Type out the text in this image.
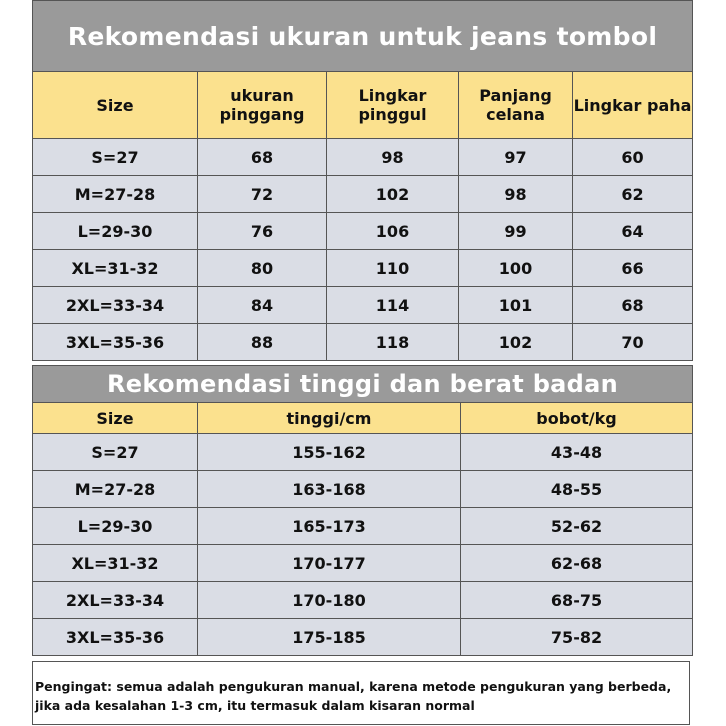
Rekomendasi ukuran untuk jeans tombol				
Size	ukuran pinggang	Lingkar pinggul	Panjang celana	Lingkar paha
S=27	68	98	97	60
M=27-28	72	102	98	62
L=29-30	76	106	99	64
XL=31-32	80	110	100	66
2XL=33-34	84	114	101	68
3XL=35-36	88	118	102	70
Rekomendasi tinggi dan berat badan		
Size	tinggi/cm	bobot/kg
S=27	155-162	43-48
M=27-28	163-168	48-55
L=29-30	165-173	52-62
XL=31-32	170-177	62-68
2XL=33-34	170-180	68-75
3XL=35-36	175-185	75-82
Pengingat: semua adalah pengukuran manual, karena metode pengukuran yang berbeda, jika ada kesalahan 1-3 cm, itu termasuk dalam kisaran normal
